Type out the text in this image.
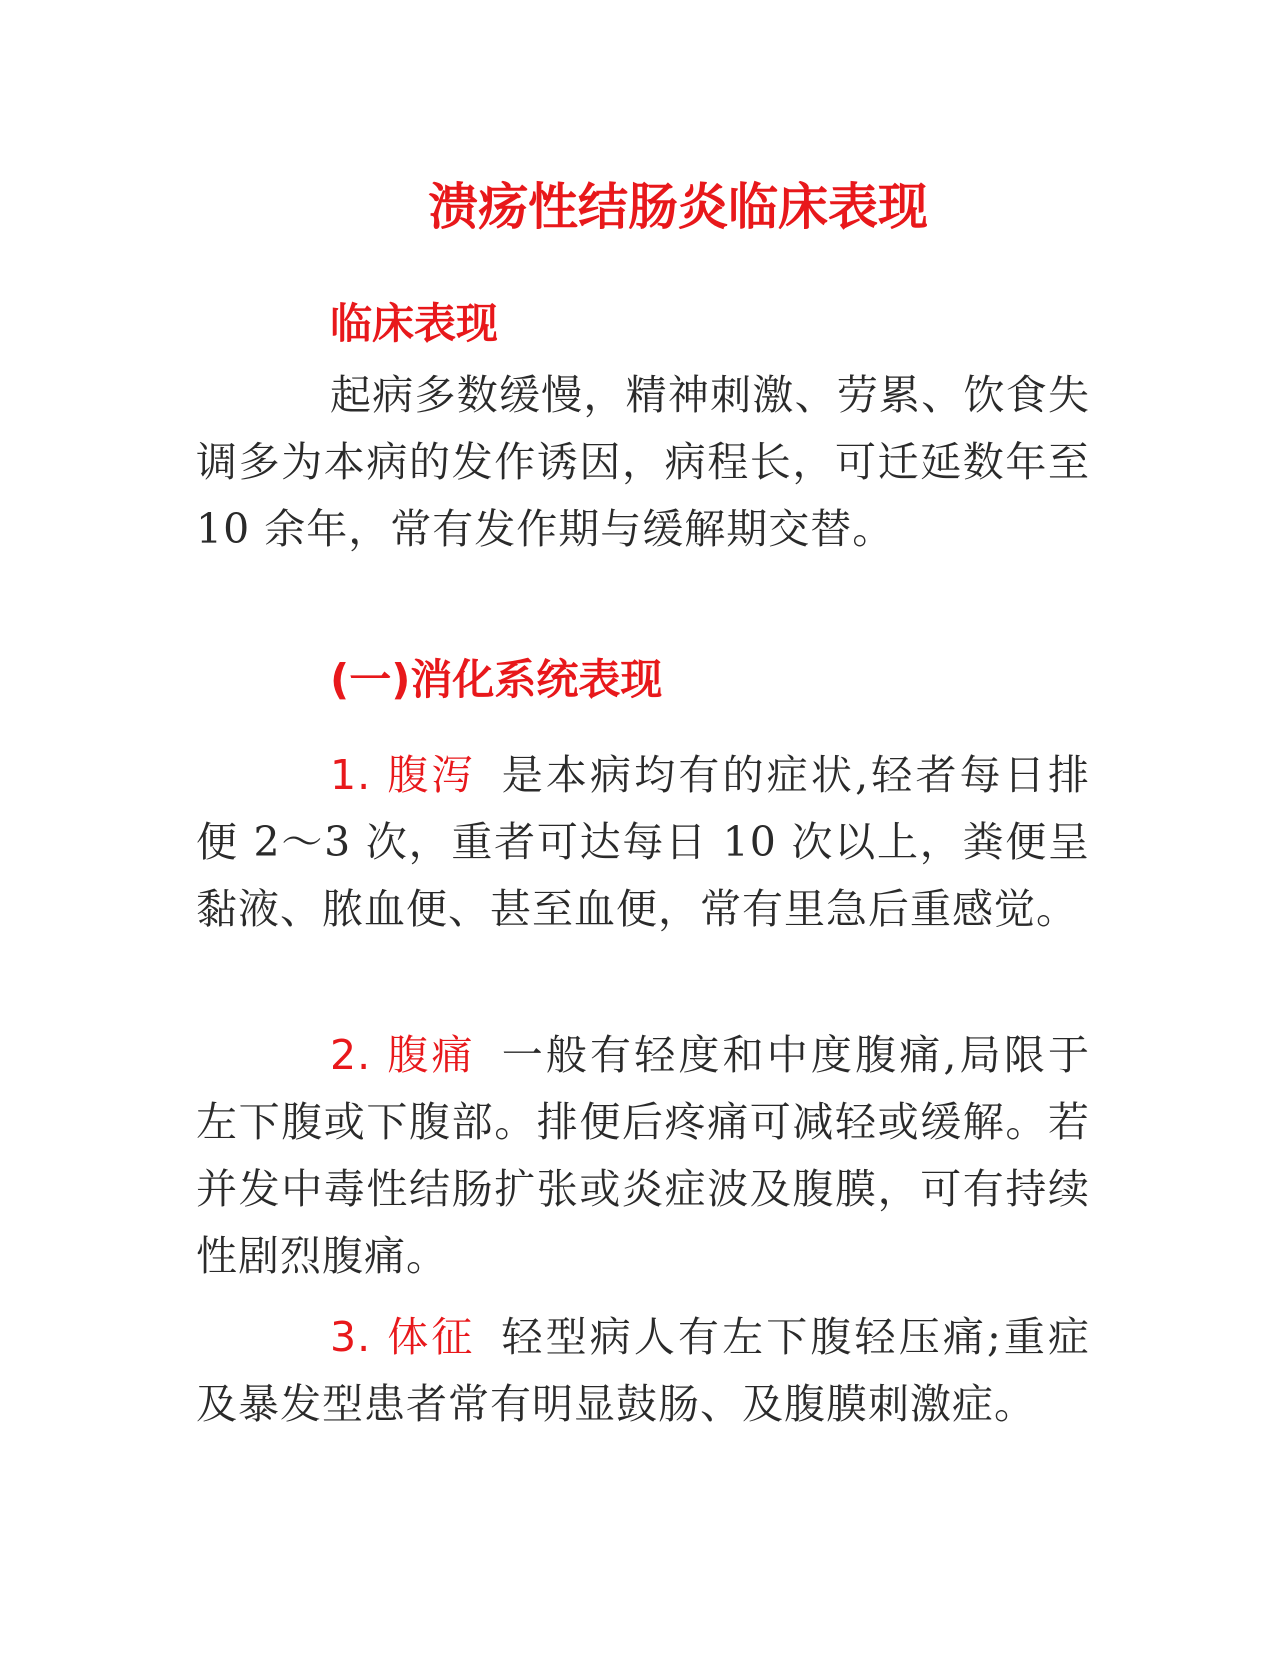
溃疡性结肠炎临床表现
临床表现

起病多数缓慢，精神刺激、劳累、饮食失调多为本病的发作诱因，病程长，可迁延数年至 10 余年，常有发作期与缓解期交替。

(一)消化系统表现

1. 腹泻 是本病均有的症状,轻者每日排便 2～3 次，重者可达每日 10 次以上，粪便呈黏液、脓血便、甚至血便，常有里急后重感觉。

2. 腹痛 一般有轻度和中度腹痛,局限于左下腹或下腹部。排便后疼痛可减轻或缓解。若并发中毒性结肠扩张或炎症波及腹膜，可有持续性剧烈腹痛。

3. 体征 轻型病人有左下腹轻压痛;重症及暴发型患者常有明显鼓肠、及腹膜刺激症。
